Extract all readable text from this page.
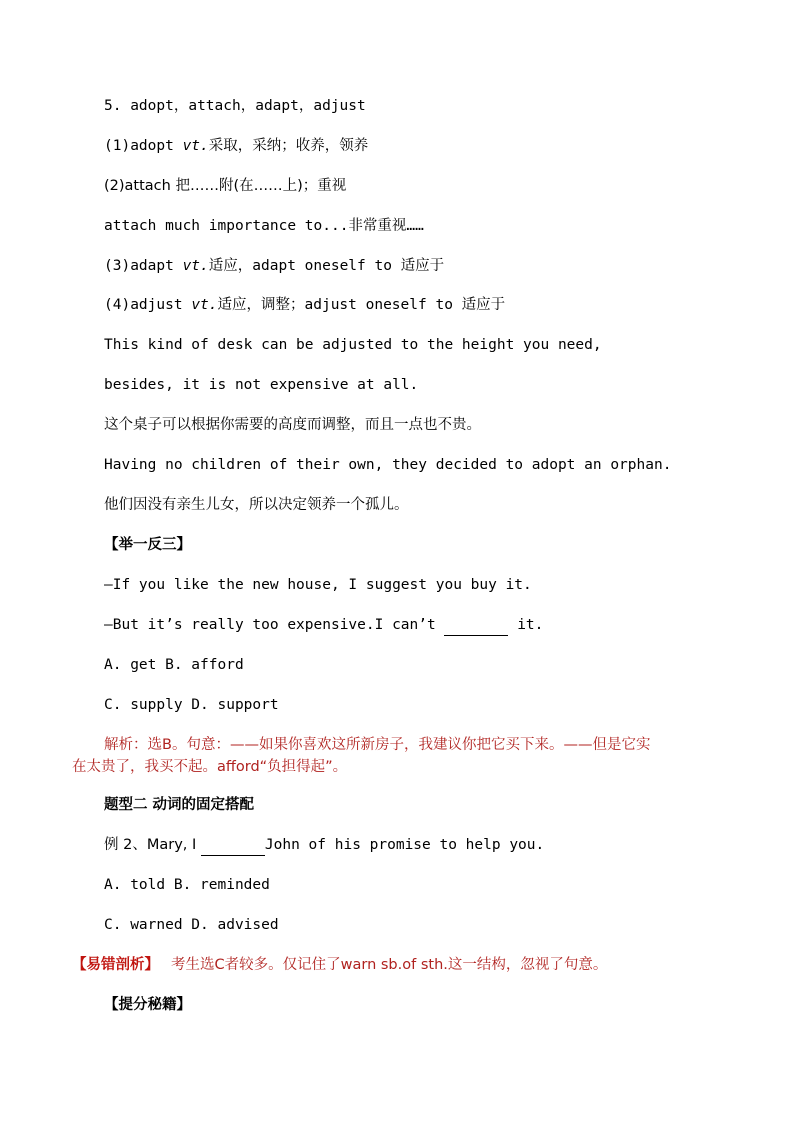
5. adopt，attach，adapt，adjust
(1)adopt vt.采取，采纳；收养，领养
(2)attach 把……附(在……上)；重视
attach much importance to...非常重视……
(3)adapt vt.适应，adapt oneself to 适应于
(4)adjust vt.适应，调整；adjust oneself to 适应于
This kind of desk can be adjusted to the height you need,
besides, it is not expensive at all.
这个桌子可以根据你需要的高度而调整，而且一点也不贵。
Having no children of their own, they decided to adopt an orphan.
他们因没有亲生儿女，所以决定领养一个孤儿。
【举一反三】
—If you like the new house, I suggest you buy it.
—But it’s really too expensive.I can’t	it.
A. get B. afford
C. supply D. support
解析：选B。句意：——如果你喜欢这所新房子，我建议你把它买下来。——但是它实
在太贵了，我买不起。afford“负担得起”。
题型二 动词的固定搭配
例 2、Mary, I	John of his promise to help you.
A. told B. reminded
C. warned D. advised
【易错剖析】 考生选C者较多。仅记住了warn sb.of sth.这一结构，忽视了句意。
【提分秘籍】
